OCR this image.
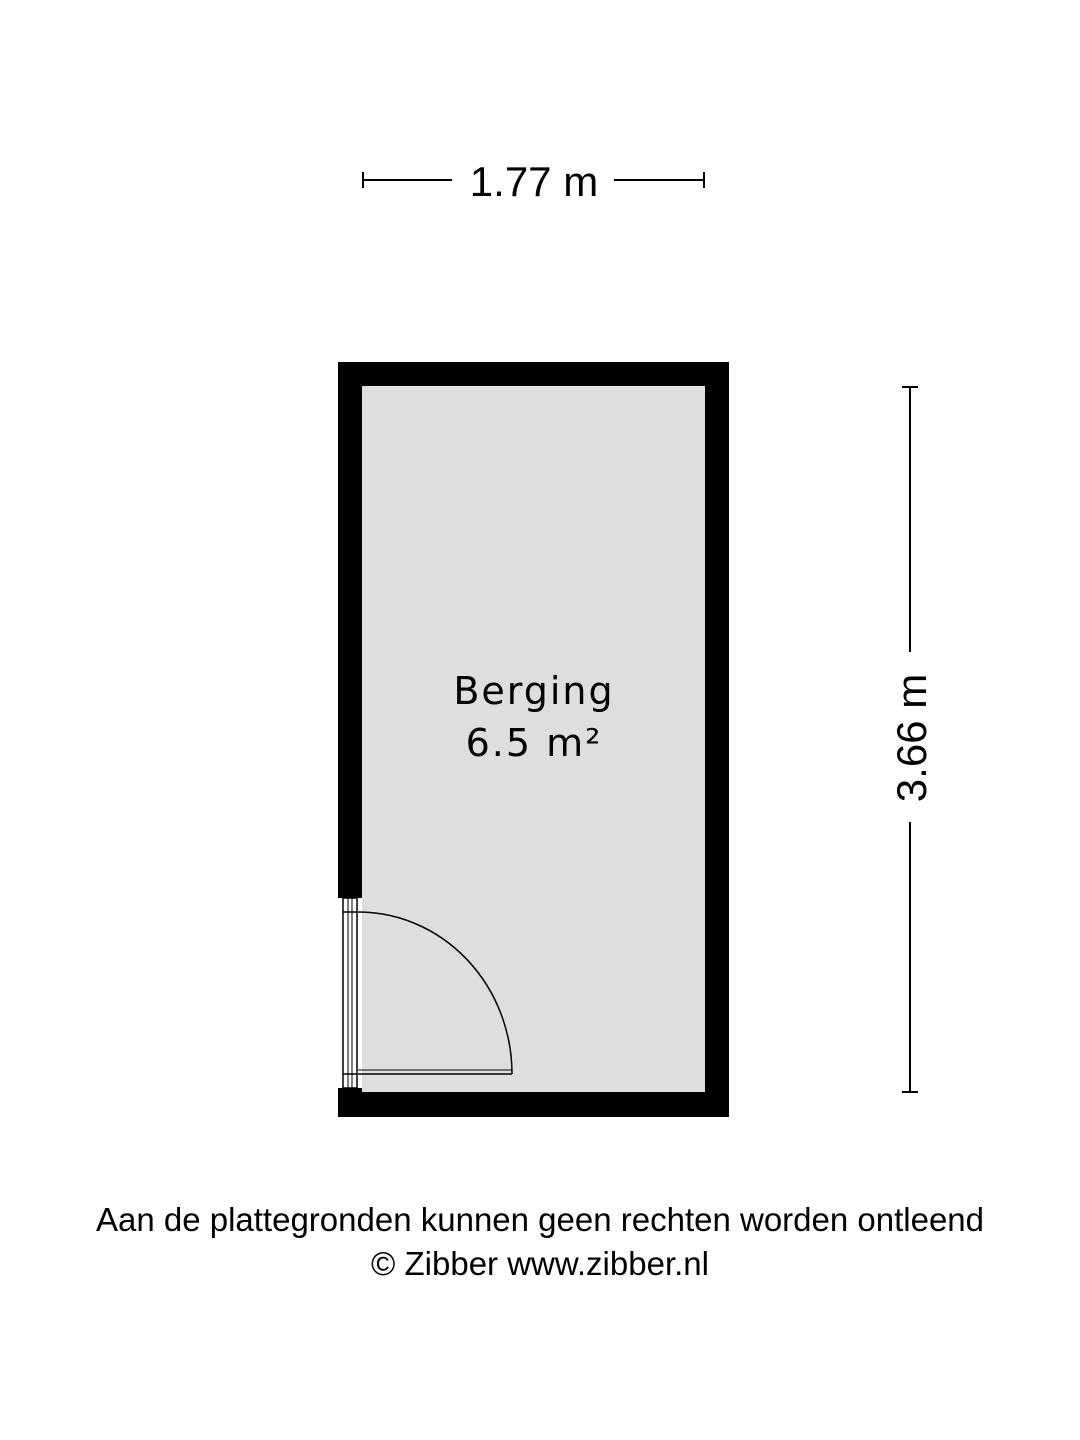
1.77 m
Berging
6.5 m²	3.66 m
Aan de plattegronden kunnen geen rechten worden ontleend
© Zibber www.zibber.nl
